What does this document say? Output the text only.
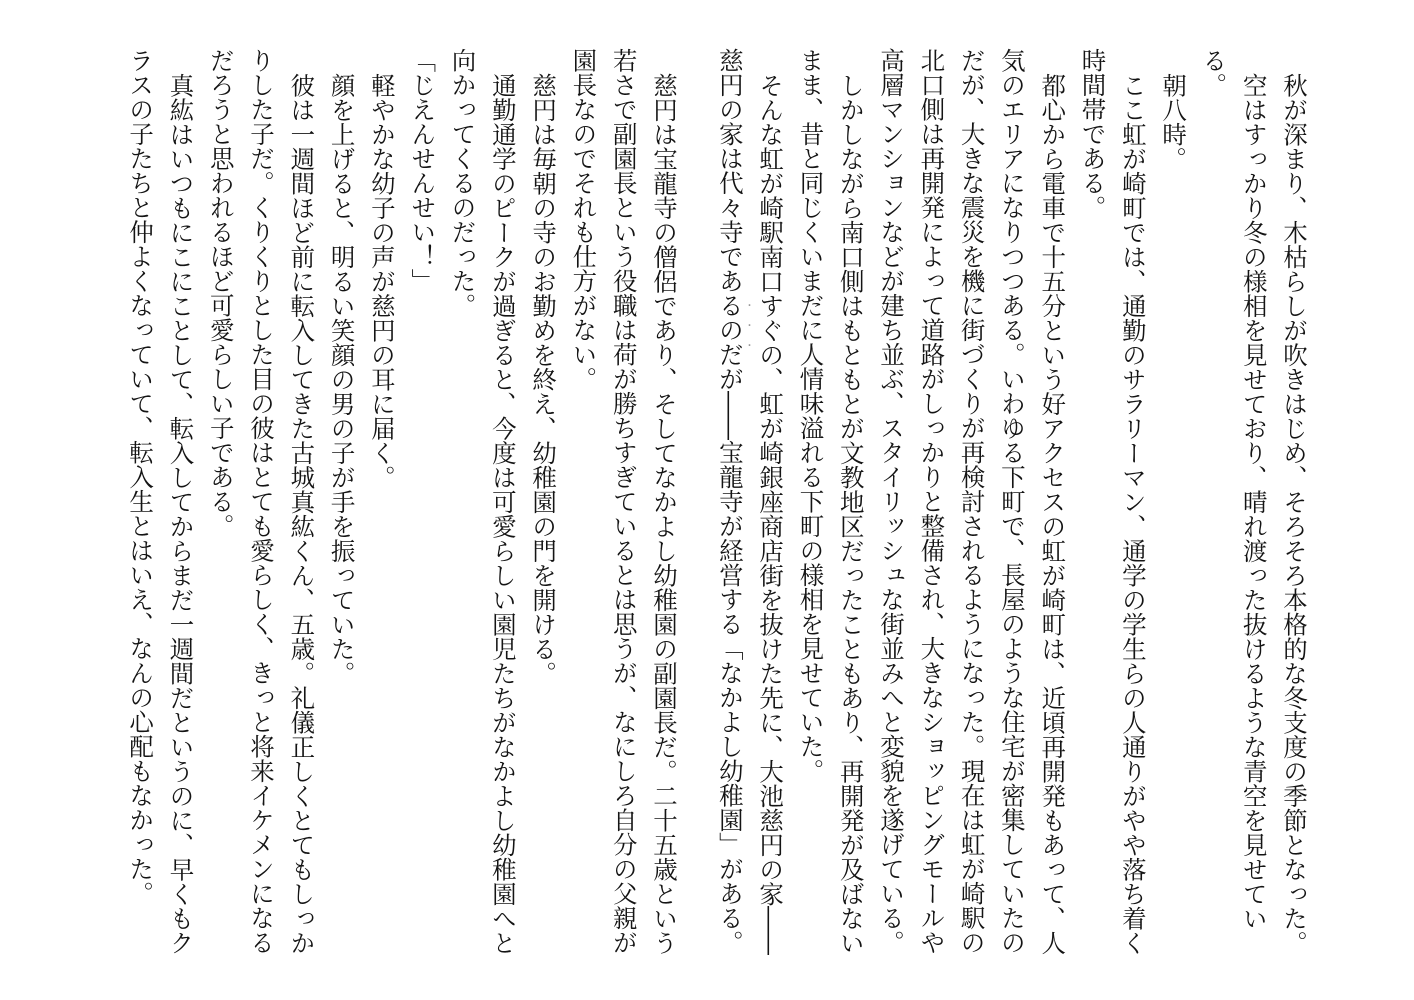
秋が深まり、木枯らしが吹きはじめ、そろそろ本格的な冬支度の季節となった。

空はすっかり冬の様相を見せており、晴れ渡った抜けるような青空を見せている。

朝八時。

ここ虹が崎町では、通勤のサラリーマン、通学の学生らの人通りがやや落ち着く時間帯である。

都心から電車で十五分という好アクセスの虹が崎町は、近頃再開発もあって、人気のエリアになりつつある。いわゆる下町で、長屋のような住宅が密集していたのだが、大きな震災を機に街づくりが再検討されるようになった。現在は虹が崎駅の北口側は再開発によって道路がしっかりと整備され、大きなショッピングモールや高層マンションなどが建ち並ぶ、スタイリッシュな街並みへと変貌を遂げている。

しかしながら南口側はもともとが文教地区だったこともあり、再開発が及ばないまま、昔と同じくいまだに人情味溢れる下町の様相を見せていた。

そんな虹が崎駅南口すぐの、虹が崎銀座商店街を抜けた先に、大池慈円の家――慈円の家は代々寺であるのだが――宝龍寺が経営する「なかよし幼稚園」がある。

・・・

慈円は宝龍寺の僧侶であり、そしてなかよし幼稚園の副園長だ。二十五歳という若さで副園長という役職は荷が勝ちすぎているとは思うが、なにしろ自分の父親が園長なのでそれも仕方がない。

慈円は毎朝の寺のお勤めを終え、幼稚園の門を開ける。

通勤通学のピークが過ぎると、今度は可愛らしい園児たちがなかよし幼稚園へと向かってくるのだった。

「じえんせんせい！」

軽やかな幼子の声が慈円の耳に届く。

顔を上げると、明るい笑顔の男の子が手を振っていた。

彼は一週間ほど前に転入してきた古城真紘くん、五歳。礼儀正しくとてもしっかりした子だ。くりくりとした目の彼はとても愛らしく、きっと将来イケメンになるだろうと思われるほど可愛らしい子である。

真紘はいつもにこにことして、転入してからまだ一週間だというのに、早くもクラスの子たちと仲よくなっていて、転入生とはいえ、なんの心配もなかった。
